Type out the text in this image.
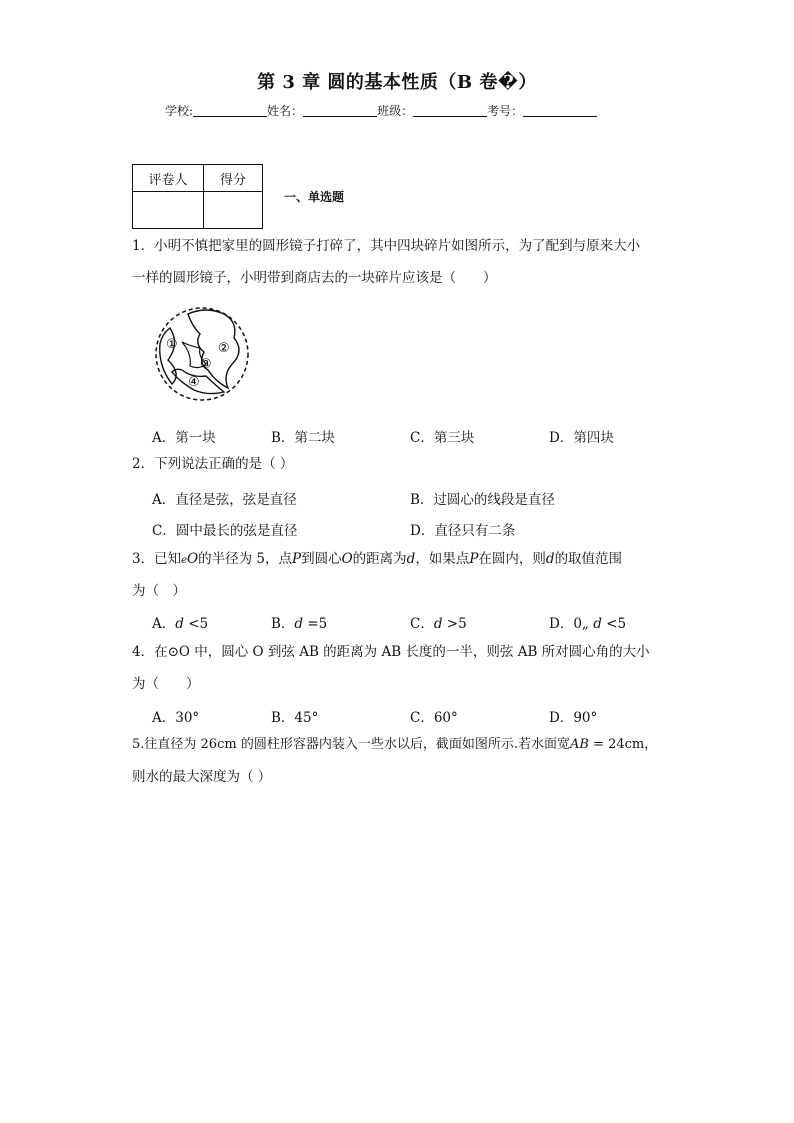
第 3 章 圆的基本性质（B 卷�）
学校:	姓名：	班级：	考号：
评卷人	得分

一、单选题
1．小明不慎把家里的圆形镜子打碎了，其中四块碎片如图所示，为了配到与原来大小
一样的圆形镜子，小明带到商店去的一块碎片应该是（　　）
①	②
③
④
A．第一块	B．第二块	C．第三块	D．第四块
2．下列说法正确的是（ ）
A．直径是弦，弦是直径	B．过圆心的线段是直径
C．圆中最长的弦是直径	D．直径只有二条
3．已知eO的半径为 5，点P到圆心O的距离为d，如果点P在圆内，则d的取值范围
为（　）
A．d <5	B．d =5	C．d >5	D．0„ d <5
4．在⊙O 中，圆心 O 到弦 AB 的距离为 AB 长度的一半，则弦 AB 所对圆心角的大小
为（　　）
A．30°	B．45°	C．60°	D．90°
5.往直径为 26cm 的圆柱形容器内装入一些水以后，截面如图所示.若水面宽AB = 24cm，
则水的最大深度为（ ）
